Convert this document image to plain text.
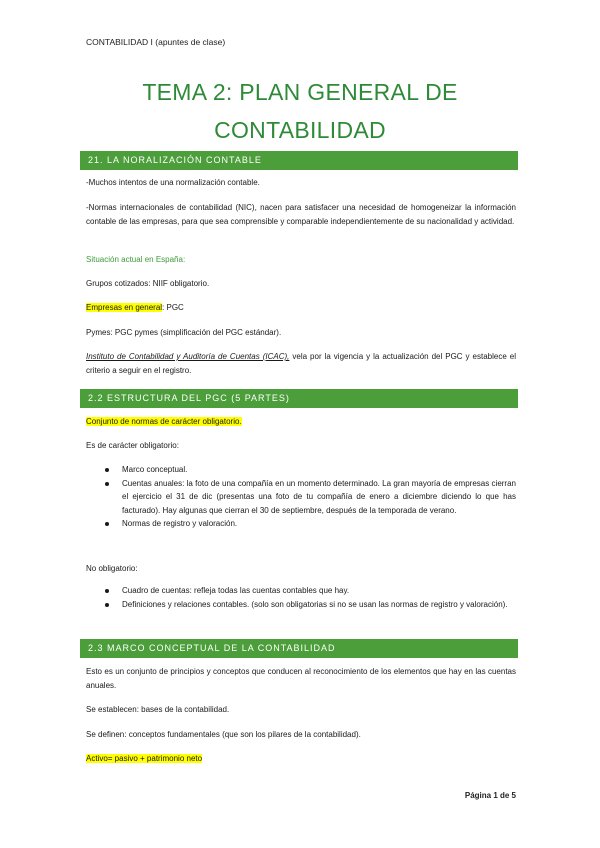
CONTABILIDAD I (apuntes de clase)
TEMA 2: PLAN GENERAL DE
CONTABILIDAD
21. LA NORALIZACIÓN CONTABLE
-Muchos intentos de una normalización contable.
-Normas internacionales de contabilidad (NIC), nacen para satisfacer una necesidad de homogeneizar la información contable de las empresas, para que sea comprensible y comparable independientemente de su nacionalidad y actividad.
Situación actual en España:
Grupos cotizados: NIIF obligatorio.
Empresas en general: PGC
Pymes: PGC pymes (simplificación del PGC estándar).
Instituto de Contabilidad y Auditoría de Cuentas (ICAC), vela por la vigencia y la actualización del PGC y establece el criterio a seguir en el registro.
2.2 ESTRUCTURA DEL PGC (5 PARTES)
Conjunto de normas de carácter obligatorio.
Es de carácter obligatorio:
Marco conceptual.
Cuentas anuales: la foto de una compañía en un momento determinado. La gran mayoría de empresas cierran el ejercicio el 31 de dic (presentas una foto de tu compañía de enero a diciembre diciendo lo que has facturado). Hay algunas que cierran el 30 de septiembre, después de la temporada de verano.
Normas de registro y valoración.
No obligatorio:
Cuadro de cuentas: refleja todas las cuentas contables que hay.
Definiciones y relaciones contables. (solo son obligatorias si no se usan las normas de registro y valoración).
2.3 MARCO CONCEPTUAL DE LA CONTABILIDAD
Esto es un conjunto de principios y conceptos que conducen al reconocimiento de los elementos que hay en las cuentas anuales.
Se establecen: bases de la contabilidad.
Se definen: conceptos fundamentales (que son los pilares de la contabilidad).
Activo= pasivo + patrimonio neto
Página 1 de 5
